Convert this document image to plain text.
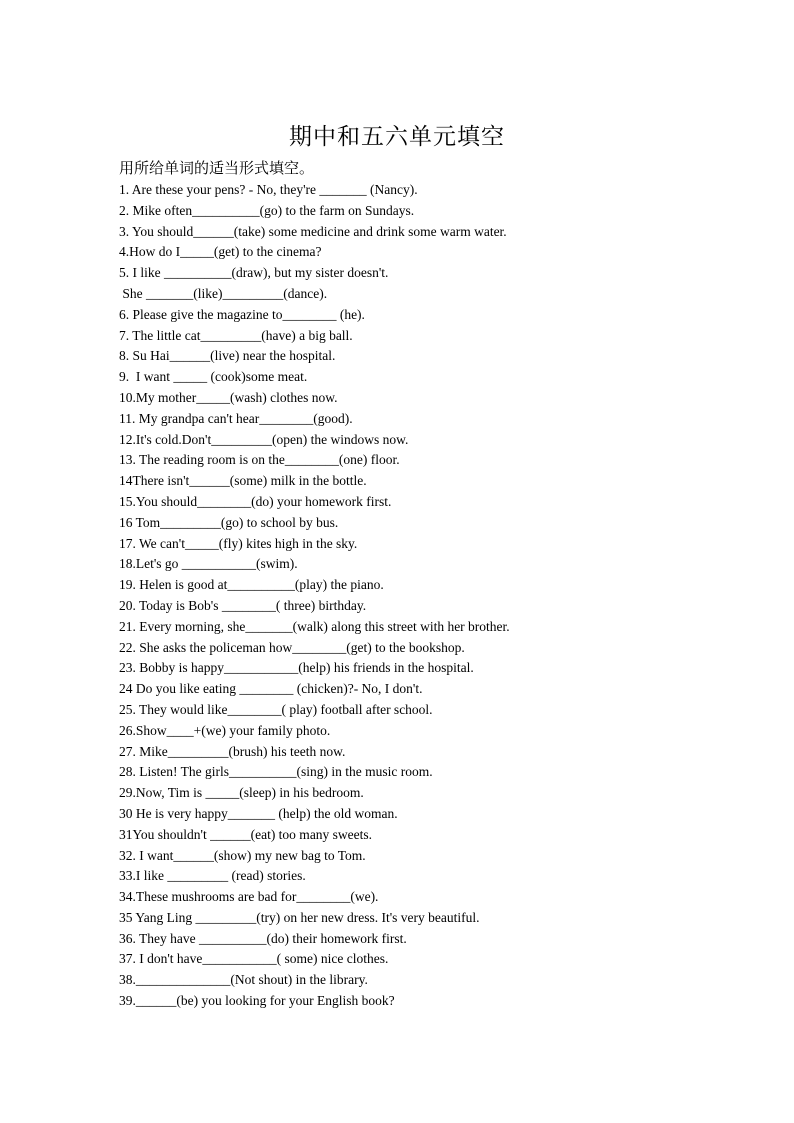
期中和五六单元填空
用所给单词的适当形式填空。
1. Are these your pens? - No, they're _______ (Nancy).
2. Mike often__________(go) to the farm on Sundays.
3. You should______(take) some medicine and drink some warm water.
4.How do I_____(get) to the cinema?
5. I like __________(draw), but my sister doesn't.
She _______(like)_________(dance).
6. Please give the magazine to________ (he).
7. The little cat_________(have) a big ball.
8. Su Hai______(live) near the hospital.
9.  I want _____ (cook)some meat.
10.My mother_____(wash) clothes now.
11. My grandpa can't hear________(good).
12.It's cold.Don't_________(open) the windows now.
13. The reading room is on the________(one) floor.
14There isn't______(some) milk in the bottle.
15.You should________(do) your homework first.
16 Tom_________(go) to school by bus.
17. We can't_____(fly) kites high in the sky.
18.Let's go ___________(swim).
19. Helen is good at__________(play) the piano.
20. Today is Bob's ________( three) birthday.
21. Every morning, she_______(walk) along this street with her brother.
22. She asks the policeman how________(get) to the bookshop.
23. Bobby is happy___________(help) his friends in the hospital.
24 Do you like eating ________ (chicken)?- No, I don't.
25. They would like________( play) football after school.
26.Show____+(we) your family photo.
27. Mike_________(brush) his teeth now.
28. Listen! The girls__________(sing) in the music room.
29.Now, Tim is _____(sleep) in his bedroom.
30 He is very happy_______ (help) the old woman.
31You shouldn't ______(eat) too many sweets.
32. I want______(show) my new bag to Tom.
33.I like _________ (read) stories.
34.These mushrooms are bad for________(we).
35 Yang Ling _________(try) on her new dress. It's very beautiful.
36. They have __________(do) their homework first.
37. I don't have___________( some) nice clothes.
38.______________(Not shout) in the library.
39.______(be) you looking for your English book?
